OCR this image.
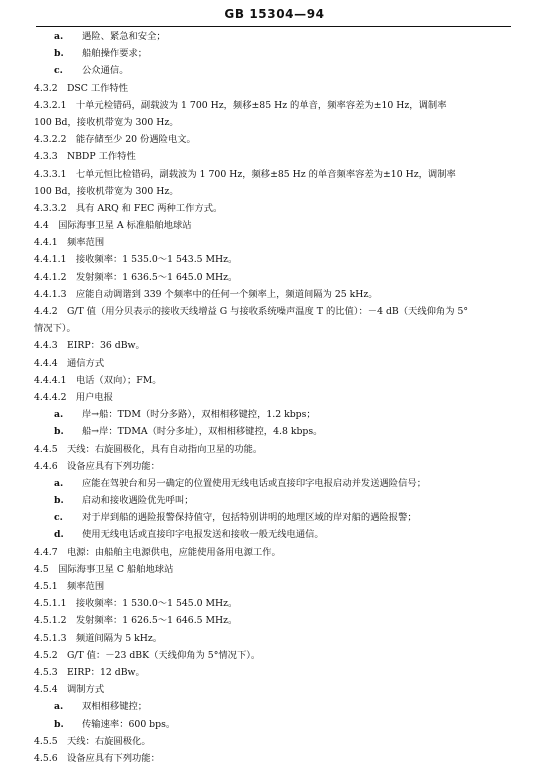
GB 15304—94
a. 遇险、紧急和安全；
b. 船舶操作要求；
c. 公众通信。
4.3.2　DSC 工作特性
4.3.2.1　十单元检错码，副载波为 1 700 Hz，频移±85 Hz 的单音，频率容差为±10 Hz，调制率
100 Bd，接收机带宽为 300 Hz。
4.3.2.2　能存储至少 20 份遇险电文。
4.3.3　NBDP 工作特性
4.3.3.1　七单元恒比检错码，副载波为 1 700 Hz，频移±85 Hz 的单音频率容差为±10 Hz，调制率
100 Bd，接收机带宽为 300 Hz。
4.3.3.2　具有 ARQ 和 FEC 两种工作方式。
4.4　国际海事卫星 A 标准船舶地球站
4.4.1　频率范围
4.4.1.1　接收频率：1 535.0～1 543.5 MHz。
4.4.1.2　发射频率：1 636.5～1 645.0 MHz。
4.4.1.3　应能自动调谐到 339 个频率中的任何一个频率上，频道间隔为 25 kHz。
4.4.2　G/T 值（用分贝表示的接收天线增益 G 与接收系统噪声温度 T 的比值）：－4 dB（天线仰角为 5°
情况下）。
4.4.3　EIRP：36 dBw。
4.4.4　通信方式
4.4.4.1　电话（双向）；FM。
4.4.4.2　用户电报
a. 岸→船：TDM（时分多路），双相相移键控，1.2 kbps；
b. 船→岸：TDMA（时分多址），双相相移键控，4.8 kbps。
4.4.5　天线：右旋圆极化，具有自动指向卫星的功能。
4.4.6　设备应具有下列功能：
a. 应能在驾驶台和另一确定的位置使用无线电话或直接印字电报启动并发送遇险信号；
b. 启动和接收遇险优先呼叫；
c. 对于岸到船的遇险报警保持值守，包括特别讲明的地理区域的岸对船的遇险报警；
d. 使用无线电话或直接印字电报发送和接收一般无线电通信。
4.4.7　电源：由船舶主电源供电，应能使用备用电源工作。
4.5　国际海事卫星 C 船舶地球站
4.5.1　频率范围
4.5.1.1　接收频率：1 530.0～1 545.0 MHz。
4.5.1.2　发射频率：1 626.5～1 646.5 MHz。
4.5.1.3　频道间隔为 5 kHz。
4.5.2　G/T 值：－23 dBK（天线仰角为 5°情况下）。
4.5.3　EIRP：12 dBw。
4.5.4　调制方式
a. 双相相移键控；
b. 传输速率：600 bps。
4.5.5　天线：右旋圆极化。
4.5.6　设备应具有下列功能：
